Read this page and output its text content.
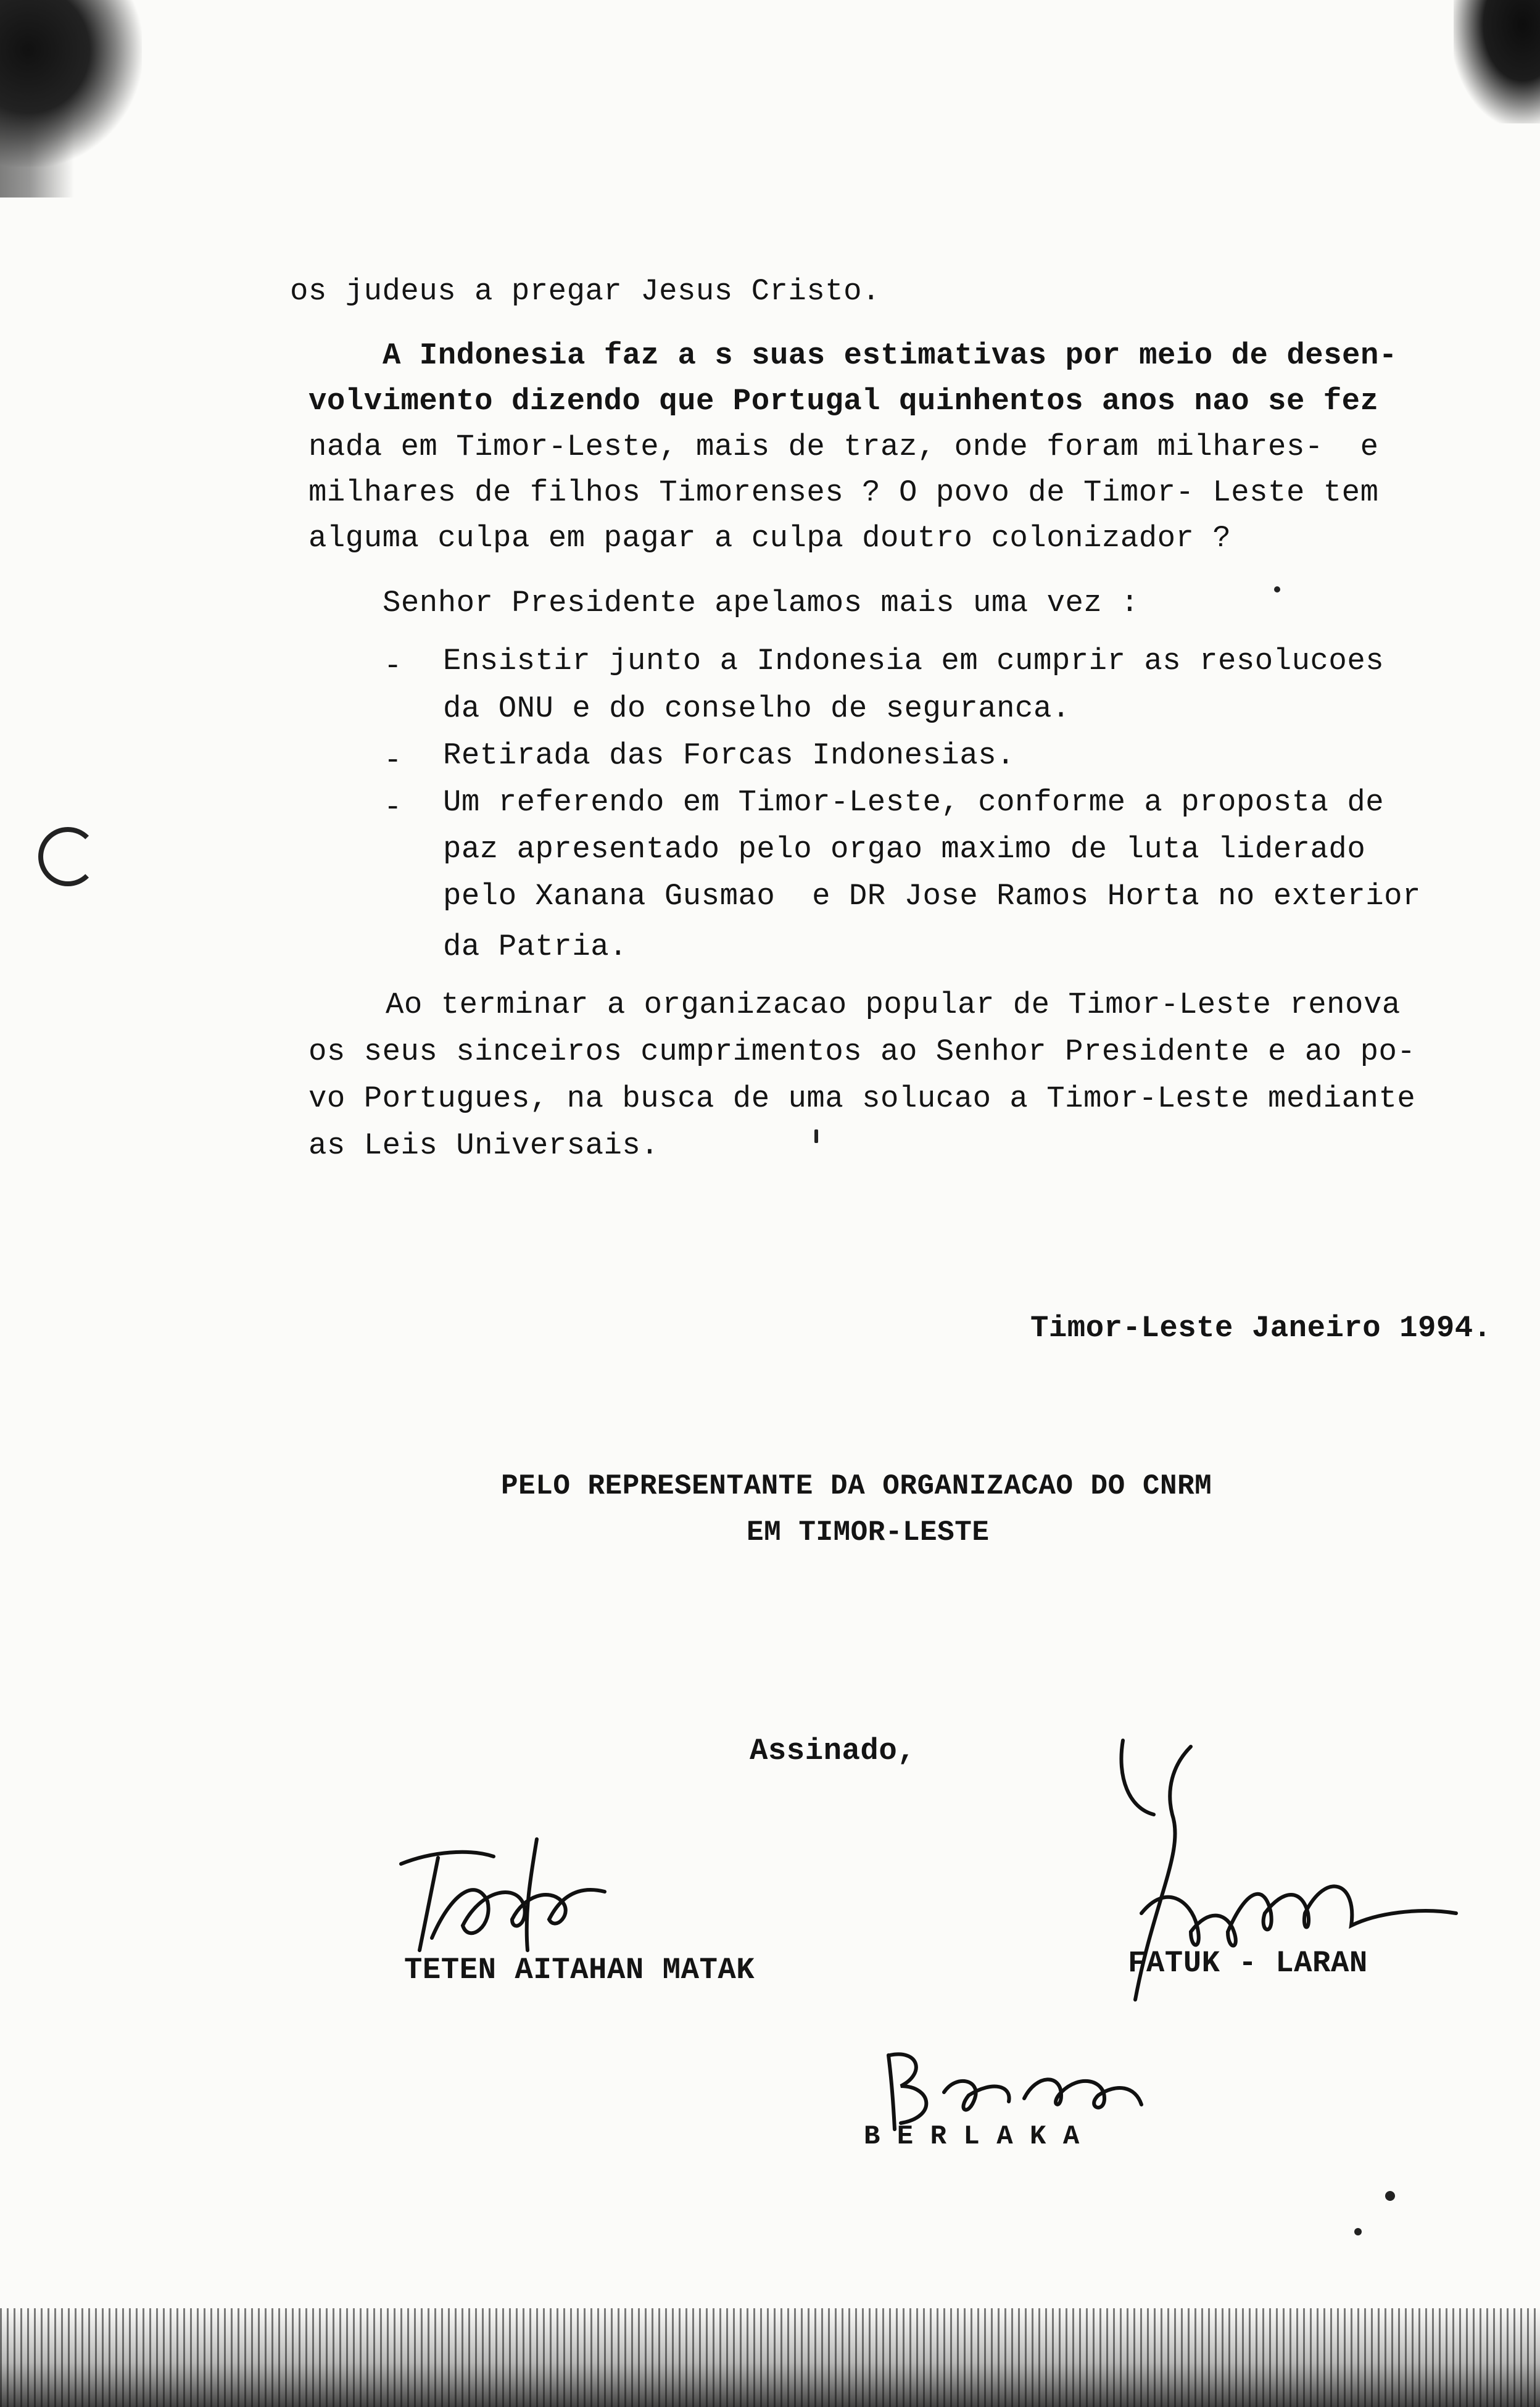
os judeus a pregar Jesus Cristo.
A Indonesia faz a s suas estimativas por meio de desen-
volvimento dizendo que Portugal quinhentos anos nao se fez
nada em Timor-Leste, mais de traz, onde foram milhares-  e
milhares de filhos Timorenses ? O povo de Timor- Leste tem
alguma culpa em pagar a culpa doutro colonizador ?
Senhor Presidente apelamos mais uma vez :
- Ensistir junto a Indonesia em cumprir as resolucoes
da ONU e do conselho de seguranca.
- Retirada das Forcas Indonesias.
- Um referendo em Timor-Leste, conforme a proposta de
paz apresentado pelo orgao maximo de luta liderado
pelo Xanana Gusmao  e DR Jose Ramos Horta no exterior
da Patria.
Ao terminar a organizacao popular de Timor-Leste renova
os seus sinceiros cumprimentos ao Senhor Presidente e ao po-
vo Portugues, na busca de uma solucao a Timor-Leste mediante
as Leis Universais.
Timor-Leste Janeiro 1994.
PELO REPRESENTANTE DA ORGANIZACAO DO CNRM
EM TIMOR-LESTE
Assinado,
TETEN AITAHAN MATAK	FATUK - LARAN
B E R L A K A
